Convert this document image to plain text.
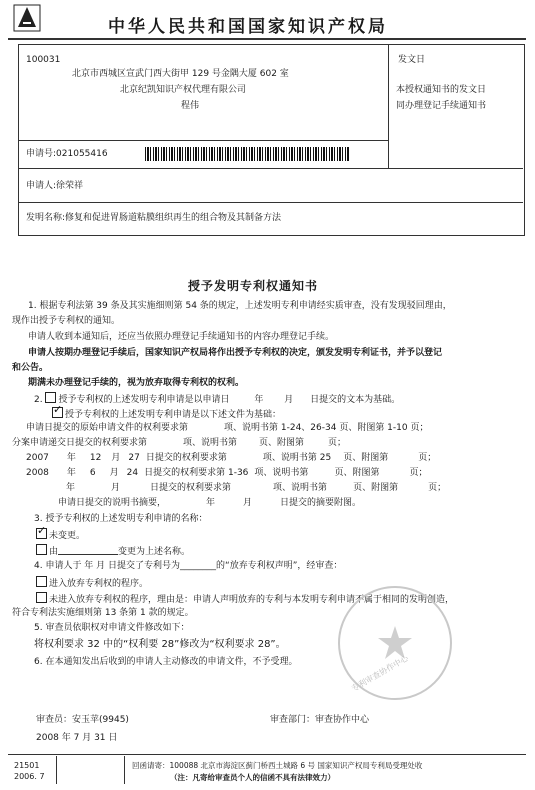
中华人民共和国国家知识产权局
100031
北京市西城区宣武门西大街甲 129 号金隅大厦 602 室
北京纪凯知识产权代理有限公司
程伟
发文日
本授权通知书的发文日
同办理登记手续通知书
申请号:021055416
申请人:徐荣祥
发明名称:修复和促进胃肠道粘膜组织再生的组合物及其制备方法
授予发明专利权通知书
1. 根据专利法第 39 条及其实施细则第 54 条的规定，上述发明专利申请经实质审查，没有发现驳回理由，
现作出授予专利权的通知。
申请人收到本通知后，还应当依照办理登记手续通知书的内容办理登记手续。
申请人按期办理登记手续后，国家知识产权局将作出授予专利权的决定，颁发发明专利证书，并予以登记
和公告。
期满未办理登记手续的，视为放弃取得专利权的权利。
2. 授予专利权的上述发明专利申请是以申请日	年 月 日提交的文本为基础。
✓授予专利权的上述发明专利申请是以下述文件为基础：
申请日提交的原始申请文件的权利要求第	项、说明书第 1-24、26-34 页、附图第 1-10 页；
分案申请递交日提交的权利要求第	项、说明书第 页、附图第	页；
2007 年 12 月 27 日提交的权利要求第	项、说明书第 25 页、附图第	页；
2008 年 6 月 24 日提交的权利要求第 1-36 项、说明书第	页、附图第	页；
年	月	日提交的权利要求第	项、说明书第	页、附图第	页；
申请日提交的说明书摘要，	年	月	日提交的摘要附图。
3. 授予专利权的上述发明专利申请的名称：
✓未变更。
由	变更为上述名称。
4. 申请人于 年 月 日提交了专利号为________的“放弃专利权声明”，经审查：
进入放弃专利权的程序。
未进入放弃专利权的程序，理由是：申请人声明放弃的专利与本发明专利申请不属于相同的发明创造，
符合专利法实施细则第 13 条第 1 款的规定。
5. 审查员依职权对申请文件修改如下：
将权利要求 32 中的“权利要 28”修改为“权利要求 28”。
6. 在本通知发出后收到的申请人主动修改的申请文件，不予受理。	专利审查协作中心
审查员：安玉苹(9945)	审查部门：审查协作中心
2008 年 7 月 31 日
21501
2006. 7
回函请寄：100088 北京市海淀区蓟门桥西土城路 6 号 国家知识产权局专利局受理处收
（注：凡寄给审查员个人的信函不具有法律效力）
